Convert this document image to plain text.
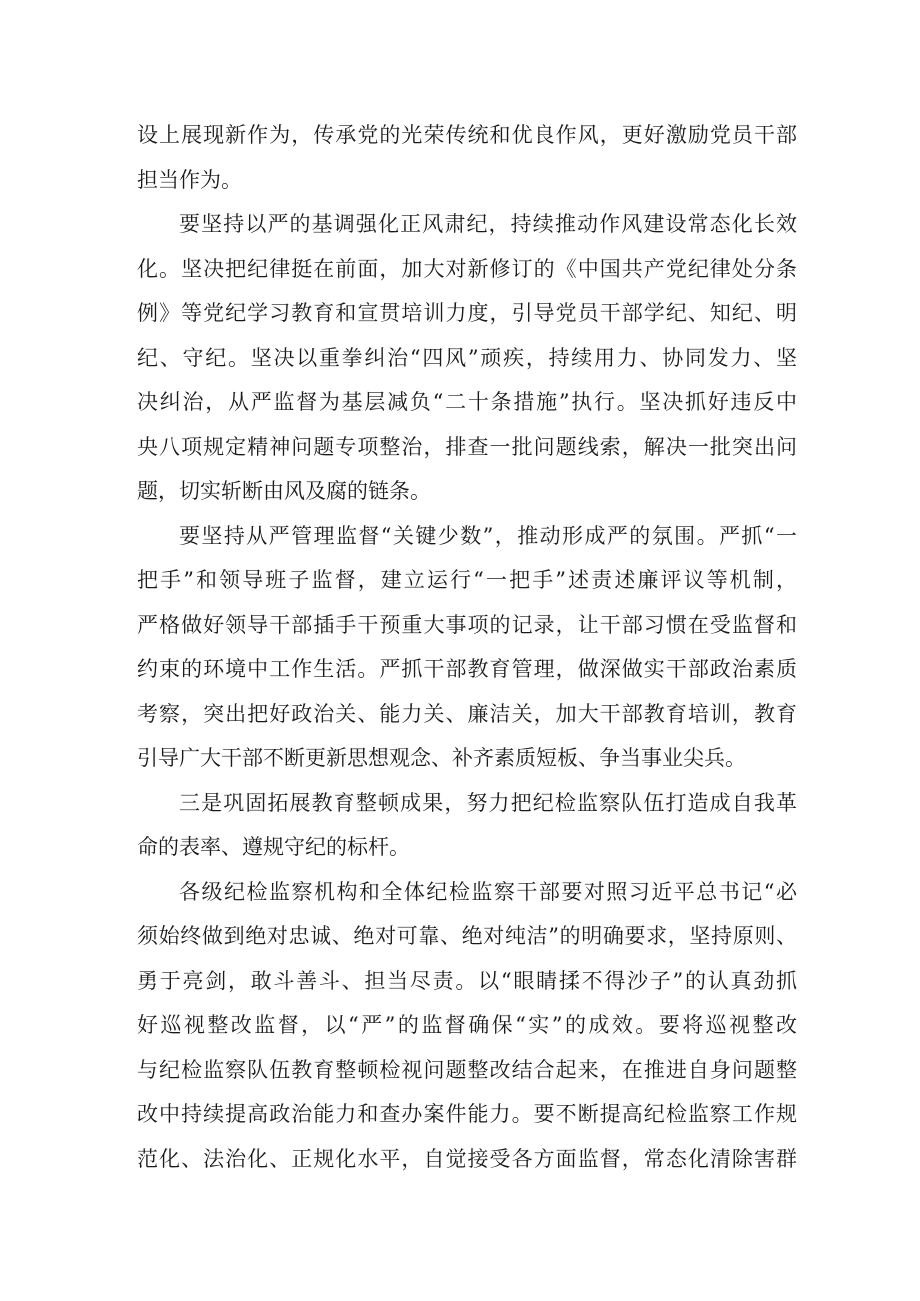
设上展现新作为，传承党的光荣传统和优良作风，更好激励党员干部
担当作为。
要坚持以严的基调强化正风肃纪，持续推动作风建设常态化长效
化。坚决把纪律挺在前面，加大对新修订的《中国共产党纪律处分条
例》等党纪学习教育和宣贯培训力度，引导党员干部学纪、知纪、明
纪、守纪。坚决以重拳纠治“四风”顽疾，持续用力、协同发力、坚
决纠治，从严监督为基层减负“二十条措施”执行。坚决抓好违反中
央八项规定精神问题专项整治，排查一批问题线索，解决一批突出问
题，切实斩断由风及腐的链条。
要坚持从严管理监督“关键少数”，推动形成严的氛围。严抓“一
把手”和领导班子监督，建立运行“一把手”述责述廉评议等机制，
严格做好领导干部插手干预重大事项的记录，让干部习惯在受监督和
约束的环境中工作生活。严抓干部教育管理，做深做实干部政治素质
考察，突出把好政治关、能力关、廉洁关，加大干部教育培训，教育
引导广大干部不断更新思想观念、补齐素质短板、争当事业尖兵。
三是巩固拓展教育整顿成果，努力把纪检监察队伍打造成自我革
命的表率、遵规守纪的标杆。
各级纪检监察机构和全体纪检监察干部要对照习近平总书记“必
须始终做到绝对忠诚、绝对可靠、绝对纯洁”的明确要求，坚持原则、
勇于亮剑，敢斗善斗、担当尽责。以“眼睛揉不得沙子”的认真劲抓
好巡视整改监督，以“严”的监督确保“实”的成效。要将巡视整改
与纪检监察队伍教育整顿检视问题整改结合起来，在推进自身问题整
改中持续提高政治能力和查办案件能力。要不断提高纪检监察工作规
范化、法治化、正规化水平，自觉接受各方面监督，常态化清除害群
